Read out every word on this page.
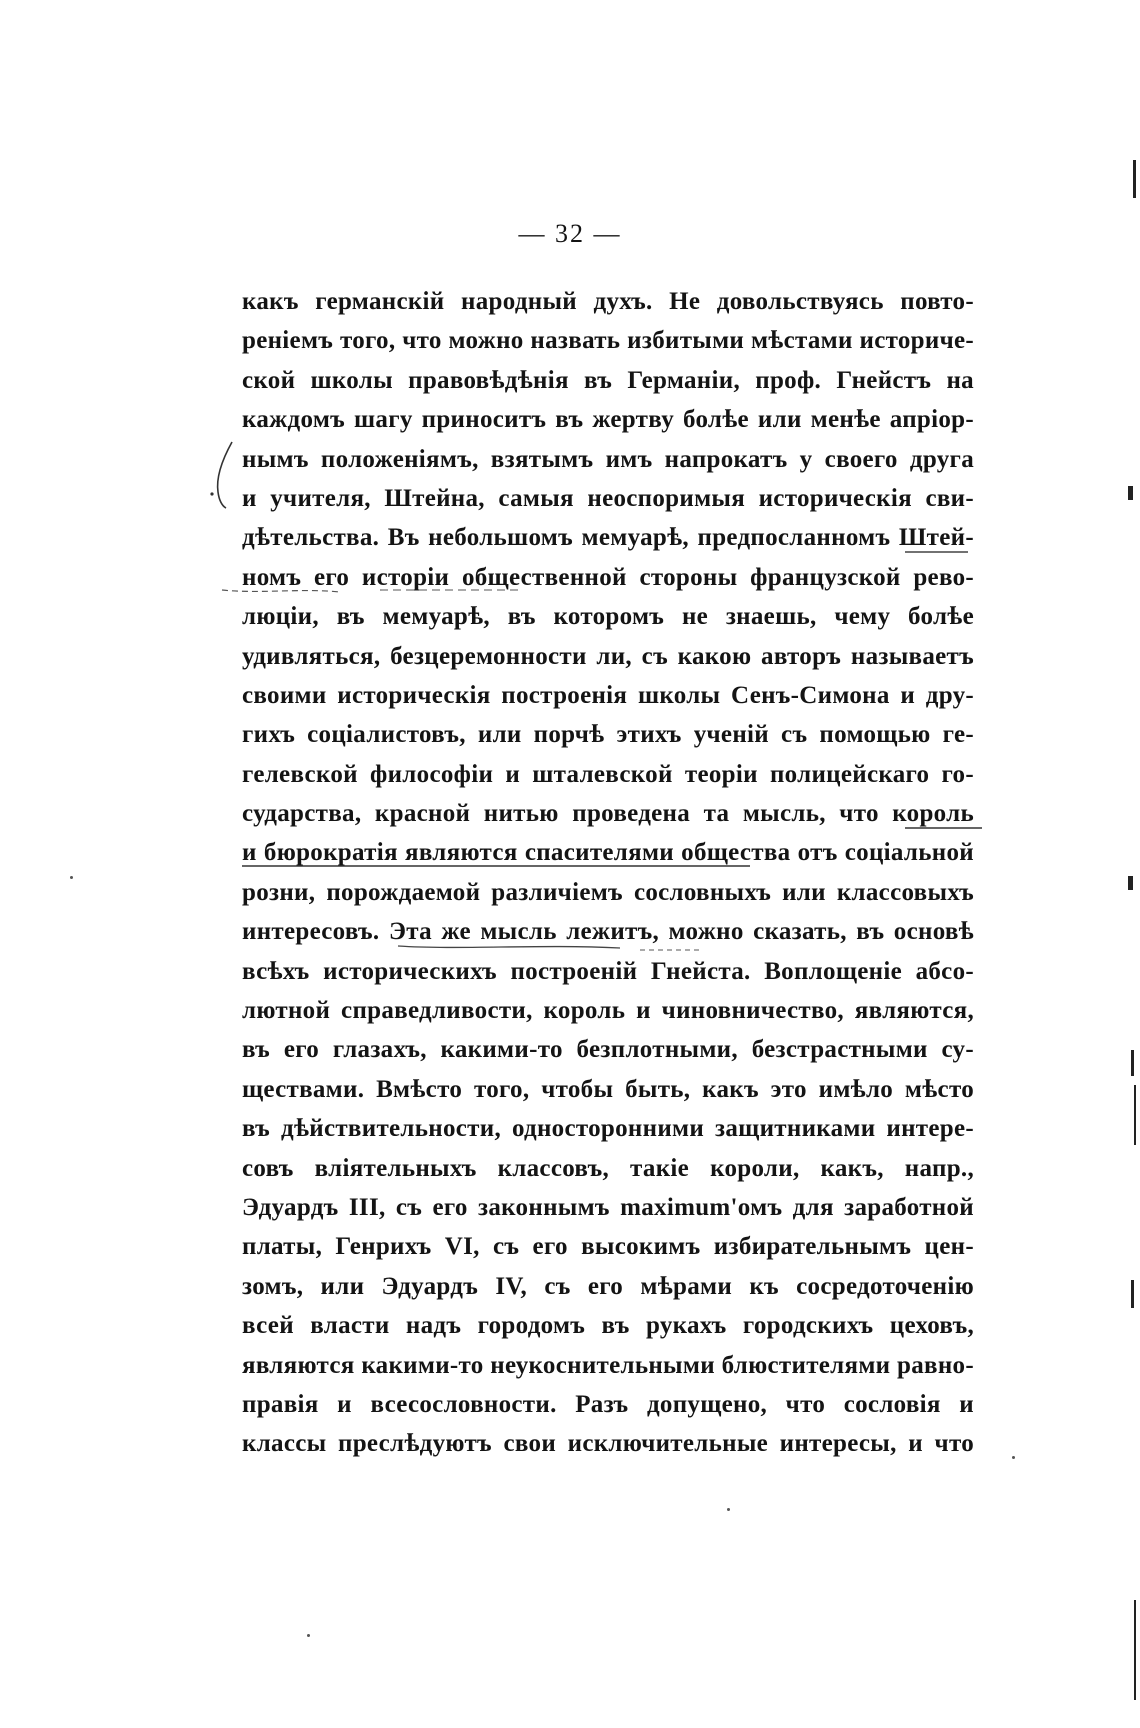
— 32 —
какъ германскій народный духъ. Не довольствуясь повто-
реніемъ того, что можно назвать избитыми мѣстами историче-
ской школы правовѣдѣнія въ Германіи, проф. Гнейстъ на
каждомъ шагу приноситъ въ жертву болѣе или менѣе апріор-
нымъ положеніямъ, взятымъ имъ напрокатъ у своего друга
и учителя, Штейна, самыя неоспоримыя историческія сви-
дѣтельства. Въ небольшомъ мемуарѣ, предпосланномъ Штей-
номъ его исторіи общественной стороны французской рево-
люціи, въ мемуарѣ, въ которомъ не знаешь, чему болѣе
удивляться, безцеремонности ли, съ какою авторъ называетъ
своими историческія построенія школы Сенъ-Симона и дру-
гихъ соціалистовъ, или порчѣ этихъ ученій съ помощью ге-
гелевской философіи и шталевской теоріи полицейскаго го-
сударства, красной нитью проведена та мысль, что король
и бюрократія являются спасителями общества отъ соціальной
розни, порождаемой различіемъ сословныхъ или классовыхъ
интересовъ. Эта же мысль лежитъ, можно сказать, въ основѣ
всѣхъ историческихъ построеній Гнейста. Воплощеніе абсо-
лютной справедливости, король и чиновничество, являются,
въ его глазахъ, какими-то безплотными, безстрастными су-
ществами. Вмѣсто того, чтобы быть, какъ это имѣло мѣсто
въ дѣйствительности, односторонними защитниками интере-
совъ вліятельныхъ классовъ, такіе короли, какъ, напр.,
Эдуардъ III, съ его законнымъ maximum'омъ для заработной
платы, Генрихъ VI, съ его высокимъ избирательнымъ цен-
зомъ, или Эдуардъ IV, съ его мѣрами къ сосредоточенію
всей власти надъ городомъ въ рукахъ городскихъ цеховъ,
являются какими-то неукоснительными блюстителями равно-
правія и всесословности. Разъ допущено, что сословія и
классы преслѣдуютъ свои исключительные интересы, и что
